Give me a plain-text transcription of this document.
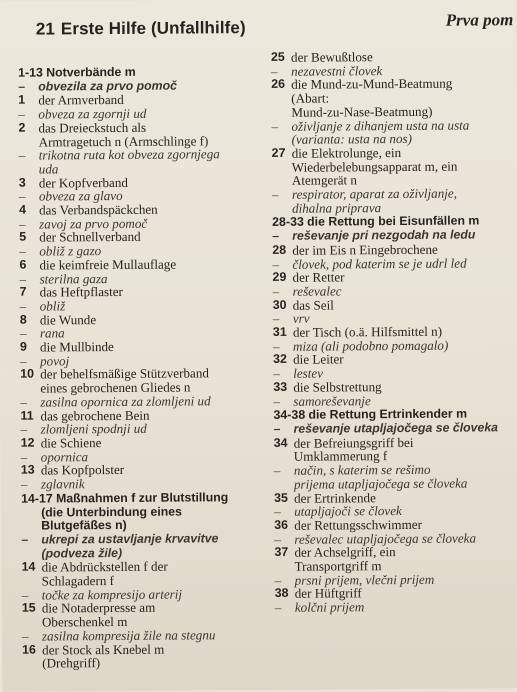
21 Erste Hilfe (Unfallhilfe)	Prva pom
1-13 Notverbände m
– obvezila za prvo pomoč
1 der Armverband
– obveza za zgornji ud
2 das Dreieckstuch als
Armtragetuch n (Armschlinge f)
– trikotna ruta kot obveza zgornjega
uda
3 der Kopfverband
– obveza za glavo
4 das Verbandspäckchen
– zavoj za prvo pomoč
5 der Schnellverband
– obliž z gazo
6 die keimfreie Mullauflage
– sterilna gaza
7 das Heftpflaster
– obliž
8 die Wunde
– rana
9 die Mullbinde
– povoj
10 der behelfsmäßige Stützverband
eines gebrochenen Gliedes n
– zasilna opornica za zlomljeni ud
11 das gebrochene Bein
– zlomljeni spodnji ud
12 die Schiene
– opornica
13 das Kopfpolster
– zglavnik
14-17 Maßnahmen f zur Blutstillung
(die Unterbindung eines
Blutgefäßes n)
– ukrepi za ustavljanje krvavitve
(podveza žile)
14 die Abdrückstellen f der
Schlagadern f
– točke za kompresijo arterij
15 die Notaderpresse am
Oberschenkel m
– zasilna kompresija žile na stegnu
16 der Stock als Knebel m
(Drehgriff)
25 der Bewußtlose
– nezavestni človek
26 die Mund-zu-Mund-Beatmung
(Abart:
Mund-zu-Nase-Beatmung)
– oživljanje z dihanjem usta na usta
(varianta: usta na nos)
27 die Elektrolunge, ein
Wiederbelebungsapparat m, ein
Atemgerät n
– respirator, aparat za oživljanje,
dihalna priprava
28-33 die Rettung bei Eisunfällen m
– reševanje pri nezgodah na ledu
28 der im Eis n Eingebrochene
– človek, pod katerim se je udrl led
29 der Retter
– reševalec
30 das Seil
– vrv
31 der Tisch (o.ä. Hilfsmittel n)
– miza (ali podobno pomagalo)
32 die Leiter
– lestev
33 die Selbstrettung
– samoreševanje
34-38 die Rettung Ertrinkender m
– reševanje utapljajočega se človeka
34 der Befreiungsgriff bei
Umklammerung f
– način, s katerim se rešimo
prijema utapljajočega se človeka
35 der Ertrinkende
– utapljajoči se človek
36 der Rettungsschwimmer
– reševalec utapljajočega se človeka
37 der Achselgriff, ein
Transportgriff m
– prsni prijem, vlečni prijem
38 der Hüftgriff
– kolčni prijem
